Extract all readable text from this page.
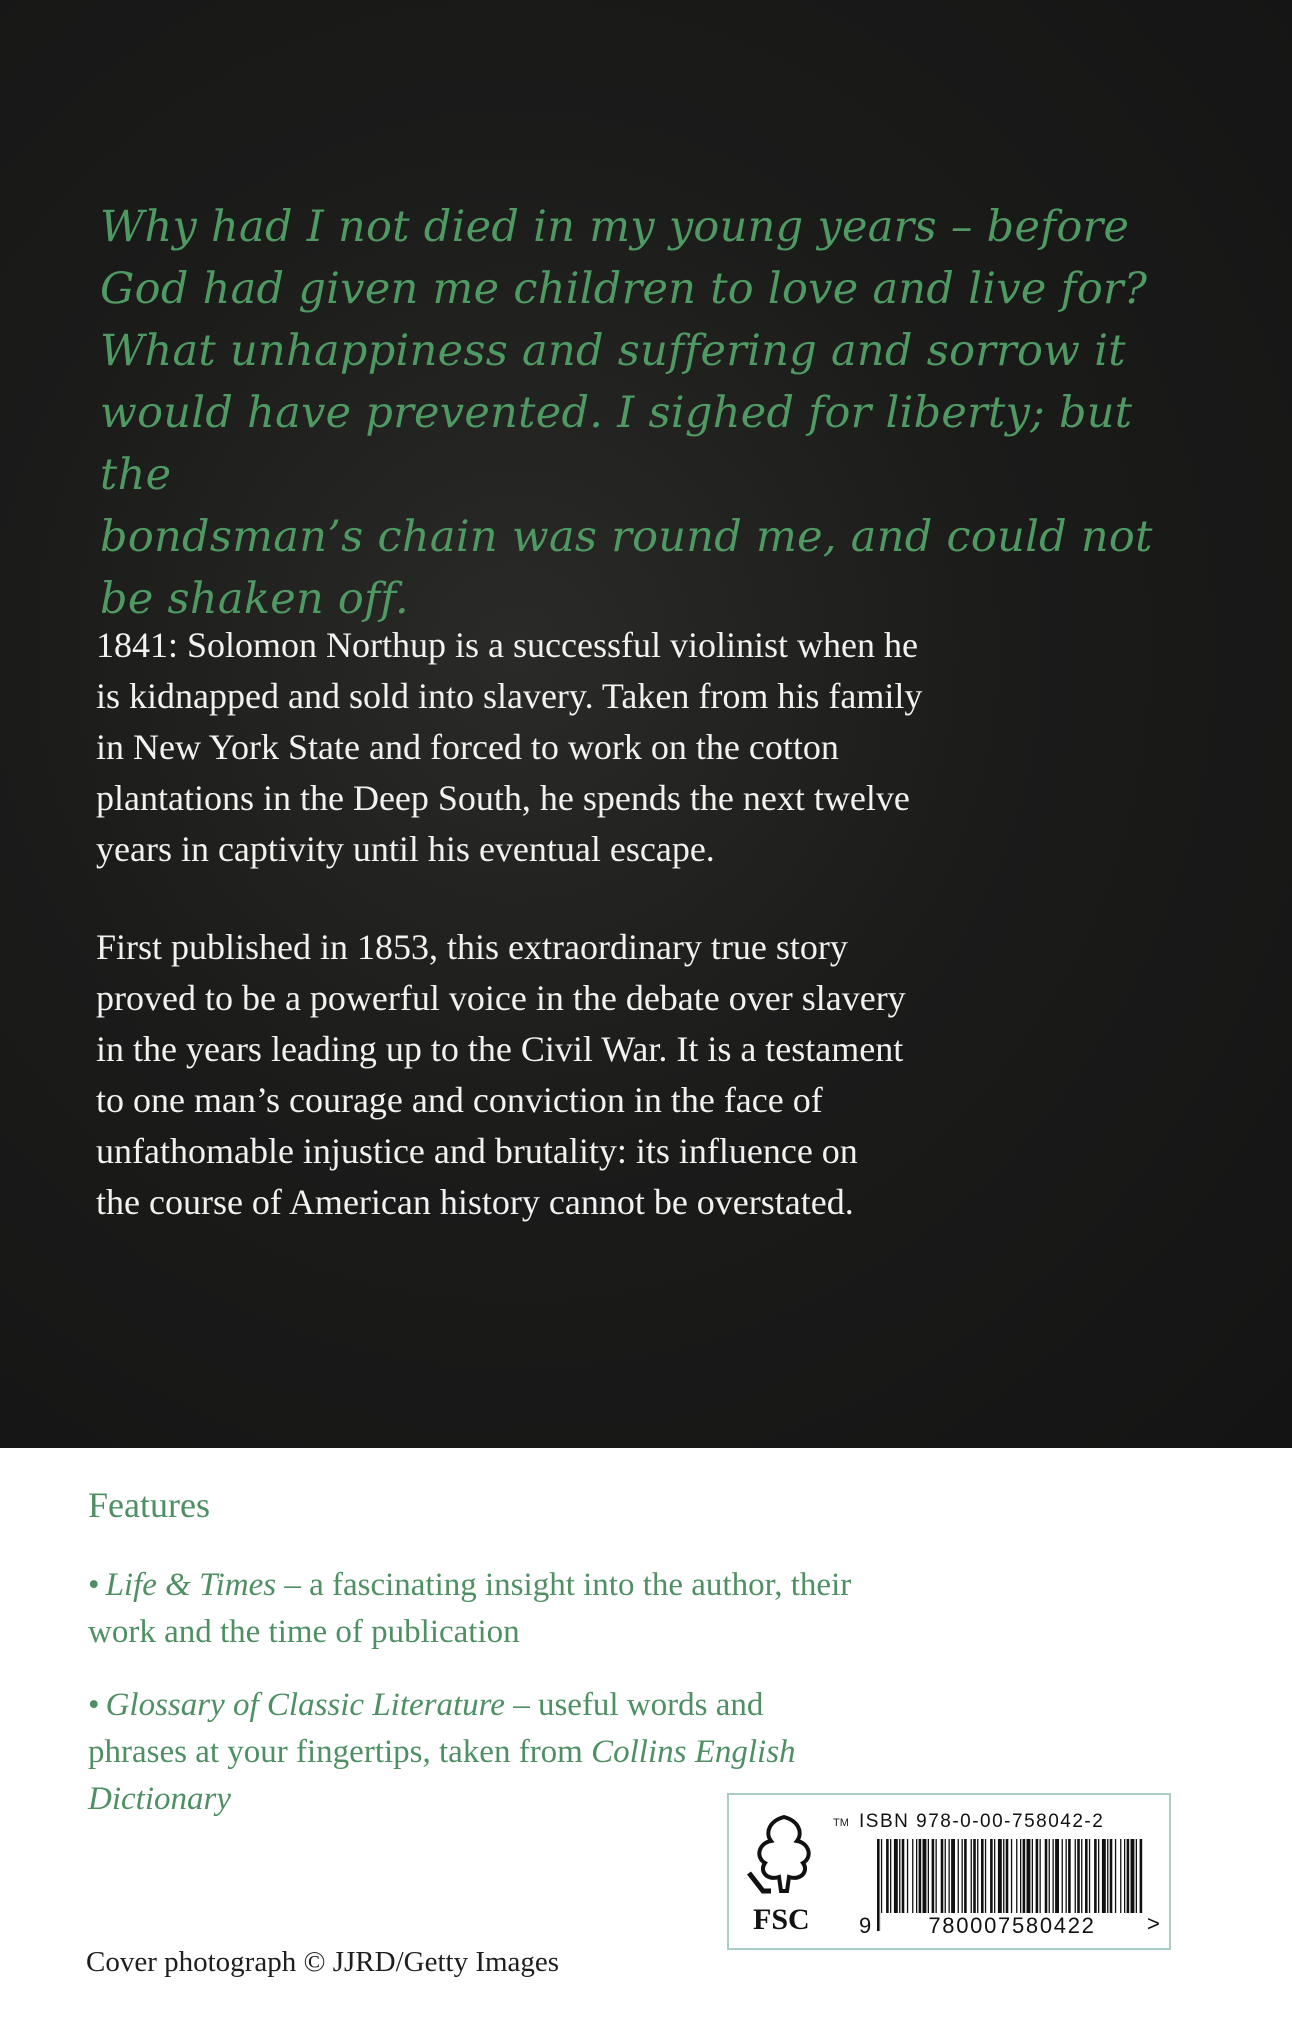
Why had I not died in my young years – before
God had given me children to love and live for?
What unhappiness and suffering and sorrow it
would have prevented. I sighed for liberty; but the
bondsman’s chain was round me, and could not
be shaken off.

1841: Solomon Northup is a successful violinist when he
is kidnapped and sold into slavery. Taken from his family
in New York State and forced to work on the cotton
plantations in the Deep South, he spends the next twelve
years in captivity until his eventual escape.

First published in 1853, this extraordinary true story
proved to be a powerful voice in the debate over slavery
in the years leading up to the Civil War. It is a testament
to one man’s courage and conviction in the face of
unfathomable injustice and brutality: its influence on
the course of American history cannot be overstated.

Features

• Life & Times – a fascinating insight into the author, their work and the time of publication

• Glossary of Classic Literature – useful words and phrases at your fingertips, taken from Collins English Dictionary

Cover photograph © JJRD/Getty Images
TM
FSC
ISBN 978-0-00-758042-2
9	780007580422	>
